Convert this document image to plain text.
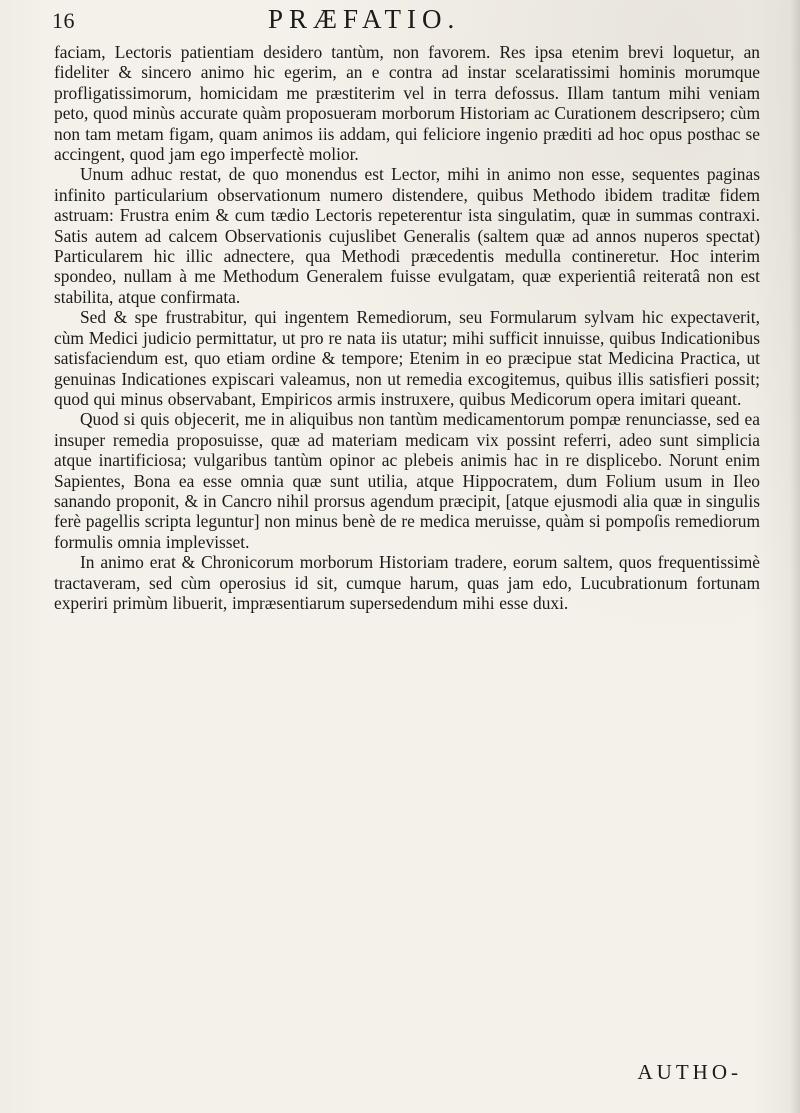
16	PRÆFATIO.

faciam, Lectoris patientiam desidero tantùm, non favorem. Res ipsa etenim brevi loquetur, an fideliter & sincero animo hic egerim, an e contra ad instar scelaratissimi hominis morumque profligatissimorum, homicidam me præstiterim vel in terra defossus. Illam tantum mihi veniam peto, quod minùs accurate quàm proposueram morborum Historiam ac Curationem descripsero; cùm non tam metam figam, quam animos iis addam, qui feliciore ingenio præditi ad hoc opus posthac se accingent, quod jam ego imperfectè molior.

Unum adhuc restat, de quo monendus est Lector, mihi in animo non esse, sequentes paginas infinito particularium observationum numero distendere, quibus Methodo ibidem traditæ fidem astruam: Frustra enim & cum tædio Lectoris repeterentur ista singulatim, quæ in summas contraxi. Satis autem ad calcem Observationis cujuslibet Generalis (saltem quæ ad annos nuperos spectat) Particularem hic illic adnectere, qua Methodi præcedentis medulla contineretur. Hoc interim spondeo, nullam à me Methodum Generalem fuisse evulgatam, quæ experientiâ reiteratâ non est stabilita, atque confirmata.

Sed & spe frustrabitur, qui ingentem Remediorum, seu Formularum sylvam hic expectaverit, cùm Medici judicio permittatur, ut pro re nata iis utatur; mihi sufficit innuisse, quibus Indicationibus satisfaciendum est, quo etiam ordine & tempore; Etenim in eo præcipue stat Medicina Practica, ut genuinas Indicationes expiscari valeamus, non ut remedia excogitemus, quibus illis satisfieri possit; quod qui minus observabant, Empiricos armis instruxere, quibus Medicorum opera imitari queant.

Quod si quis objecerit, me in aliquibus non tantùm medicamentorum pompæ renunciasse, sed ea insuper remedia proposuisse, quæ ad materiam medicam vix possint referri, adeo sunt simplicia atque inartificiosa; vulgaribus tantùm opinor ac plebeis animis hac in re displicebo. Norunt enim Sapientes, Bona ea esse omnia quæ sunt utilia, atque Hippocratem, dum Folium usum in Ileo sanando proponit, & in Cancro nihil prorsus agendum præcipit, [atque ejusmodi alia quæ in singulis ferè pagellis scripta leguntur] non minus benè de re medica meruisse, quàm si pompoſis remediorum formulis omnia implevisset.

In animo erat & Chronicorum morborum Historiam tradere, eorum saltem, quos frequentissimè tractaveram, sed cùm operosius id sit, cumque harum, quas jam edo, Lucubrationum fortunam experiri primùm libuerit, impræsentiarum supersedendum mihi esse duxi.

AUTHO-
